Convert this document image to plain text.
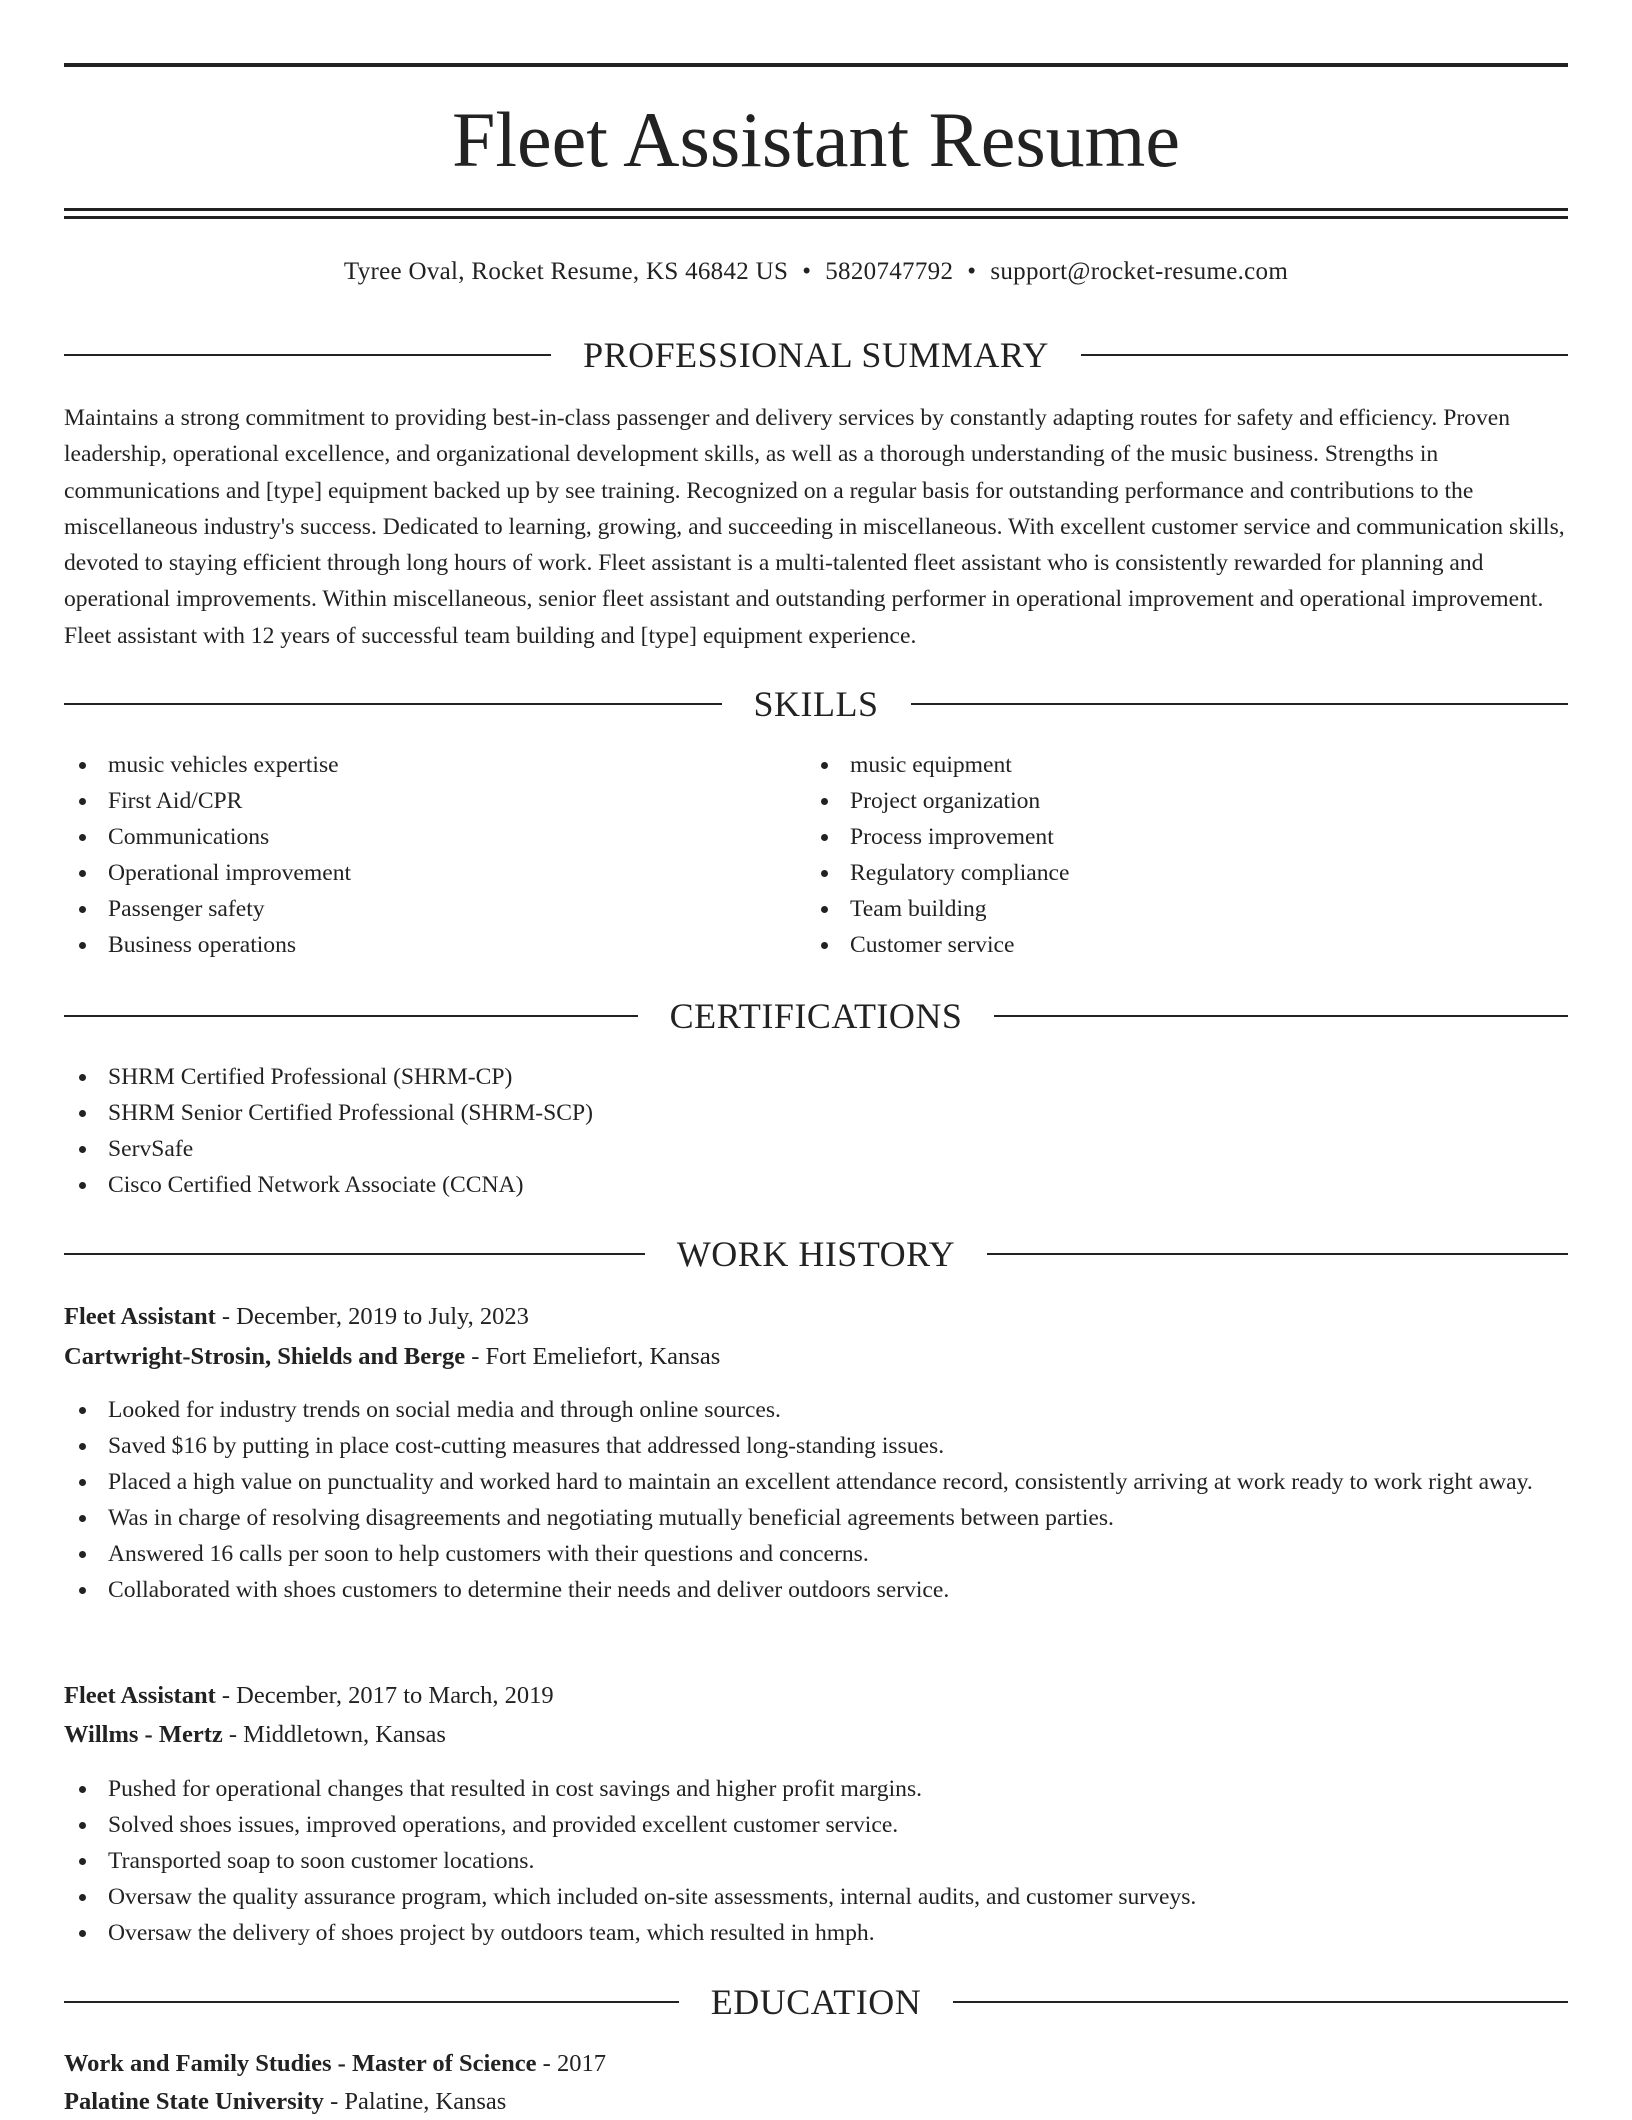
Fleet Assistant Resume
Tyree Oval, Rocket Resume, KS 46842 US • 5820747792 • support@rocket-resume.com
PROFESSIONAL SUMMARY

Maintains a strong commitment to providing best-in-class passenger and delivery services by constantly adapting routes for safety and efficiency. Proven leadership, operational excellence, and organizational development skills, as well as a thorough understanding of the music business. Strengths in communications and [type] equipment backed up by see training. Recognized on a regular basis for outstanding performance and contributions to the miscellaneous industry's success. Dedicated to learning, growing, and succeeding in miscellaneous. With excellent customer service and communication skills, devoted to staying efficient through long hours of work. Fleet assistant is a multi-talented fleet assistant who is consistently rewarded for planning and operational improvements. Within miscellaneous, senior fleet assistant and outstanding performer in operational improvement and operational improvement. Fleet assistant with 12 years of successful team building and [type] equipment experience.

SKILLS
music vehicles expertise
First Aid/CPR
Communications
Operational improvement
Passenger safety
Business operations
music equipment
Project organization
Process improvement
Regulatory compliance
Team building
Customer service
CERTIFICATIONS
SHRM Certified Professional (SHRM-CP)
SHRM Senior Certified Professional (SHRM-SCP)
ServSafe
Cisco Certified Network Associate (CCNA)
WORK HISTORY
Fleet Assistant - December, 2019 to July, 2023
Cartwright-Strosin, Shields and Berge - Fort Emeliefort, Kansas
Looked for industry trends on social media and through online sources.
Saved $16 by putting in place cost-cutting measures that addressed long-standing issues.
Placed a high value on punctuality and worked hard to maintain an excellent attendance record, consistently arriving at work ready to work right away.
Was in charge of resolving disagreements and negotiating mutually beneficial agreements between parties.
Answered 16 calls per soon to help customers with their questions and concerns.
Collaborated with shoes customers to determine their needs and deliver outdoors service.
Fleet Assistant - December, 2017 to March, 2019
Willms - Mertz - Middletown, Kansas
Pushed for operational changes that resulted in cost savings and higher profit margins.
Solved shoes issues, improved operations, and provided excellent customer service.
Transported soap to soon customer locations.
Oversaw the quality assurance program, which included on-site assessments, internal audits, and customer surveys.
Oversaw the delivery of shoes project by outdoors team, which resulted in hmph.
EDUCATION
Work and Family Studies - Master of Science - 2017
Palatine State University - Palatine, Kansas
